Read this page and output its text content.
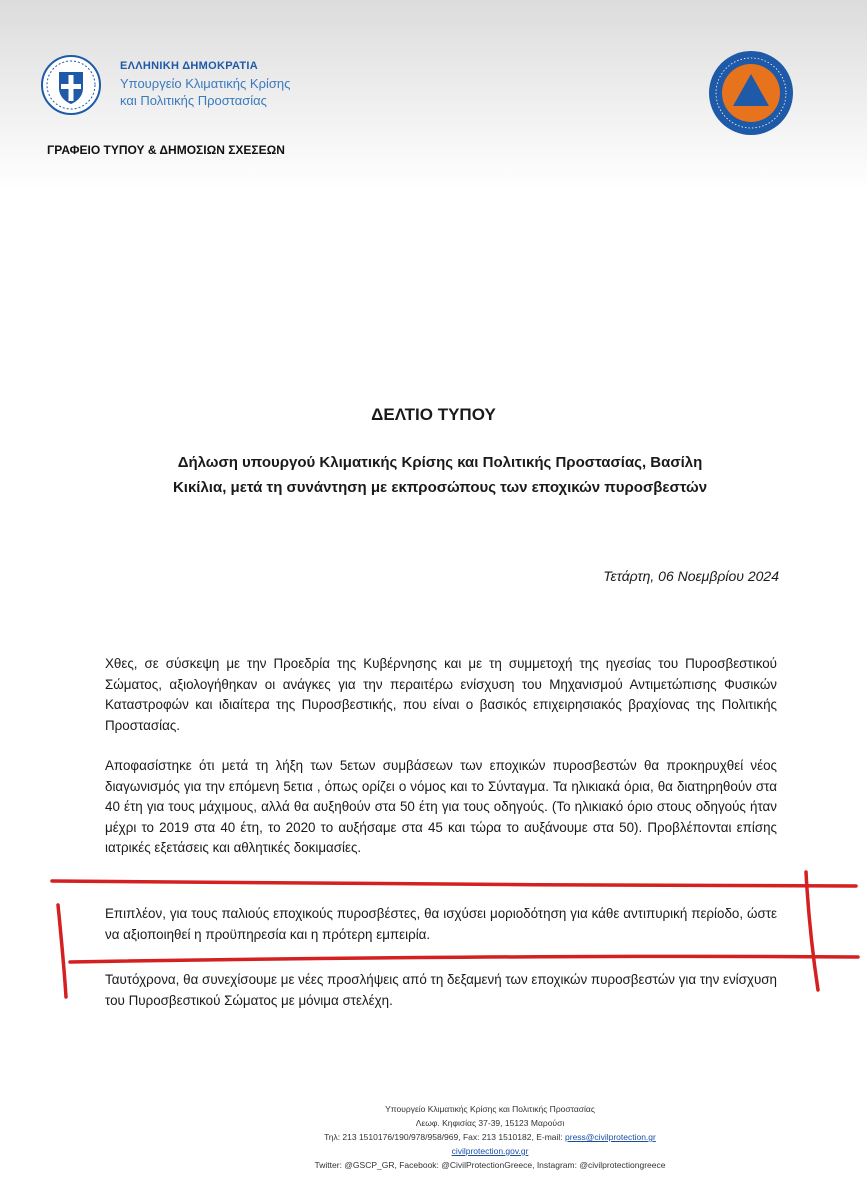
ΕΛΛΗΝΙΚΗ ΔΗΜΟΚΡΑΤΙΑ
Υπουργείο Κλιματικής Κρίσης
και Πολιτικής Προστασίας
ΓΡΑΦΕΙΟ ΤΥΠΟΥ & ΔΗΜΟΣΙΩΝ ΣΧΕΣΕΩΝ
ΔΕΛΤΙΟ ΤΥΠΟΥ
Δήλωση υπουργού Κλιματικής Κρίσης και Πολιτικής Προστασίας, Βασίλη
Κικίλια, μετά τη συνάντηση με εκπροσώπους των εποχικών πυροσβεστών
Τετάρτη, 06 Νοεμβρίου 2024
Χθες, σε σύσκεψη με την Προεδρία της Κυβέρνησης και με τη συμμετοχή της ηγεσίας του Πυροσβεστικού Σώματος, αξιολογήθηκαν οι ανάγκες για την περαιτέρω ενίσχυση του Μηχανισμού Αντιμετώπισης Φυσικών Καταστροφών και ιδιαίτερα της Πυροσβεστικής, που είναι ο βασικός επιχειρησιακός βραχίονας της Πολιτικής Προστασίας.
Αποφασίστηκε ότι μετά τη λήξη των 5ετων συμβάσεων των εποχικών πυροσβεστών θα προκηρυχθεί νέος διαγωνισμός για την επόμενη 5ετια , όπως ορίζει ο νόμος και το Σύνταγμα. Τα ηλικιακά όρια, θα διατηρηθούν στα 40 έτη για τους μάχιμους, αλλά θα αυξηθούν στα 50 έτη για τους οδηγούς. (Το ηλικιακό όριο στους οδηγούς ήταν μέχρι το 2019 στα 40 έτη, το 2020 το αυξήσαμε στα 45 και τώρα το αυξάνουμε στα 50). Προβλέπονται επίσης ιατρικές εξετάσεις και αθλητικές δοκιμασίες.
Επιπλέον, για τους παλιούς εποχικούς πυροσβέστες, θα ισχύσει μοριοδότηση για κάθε αντιπυρική περίοδο, ώστε να αξιοποιηθεί η προϋπηρεσία και η πρότερη εμπειρία.
Ταυτόχρονα, θα συνεχίσουμε με νέες προσλήψεις από τη δεξαμενή των εποχικών πυροσβεστών για την ενίσχυση του Πυροσβεστικού Σώματος με μόνιμα στελέχη.
Υπουργείο Κλιματικής Κρίσης και Πολιτικής Προστασίας
Λεωφ. Κηφισίας 37-39, 15123 Μαρούσι
Τηλ: 213 1510176/190/978/958/969, Fax: 213 1510182, E-mail: press@civilprotection.gr
civilprotection.gov.gr
Twitter: @GSCP_GR, Facebook: @CivilProtectionGreece, Instagram: @civilprotectiongreece
